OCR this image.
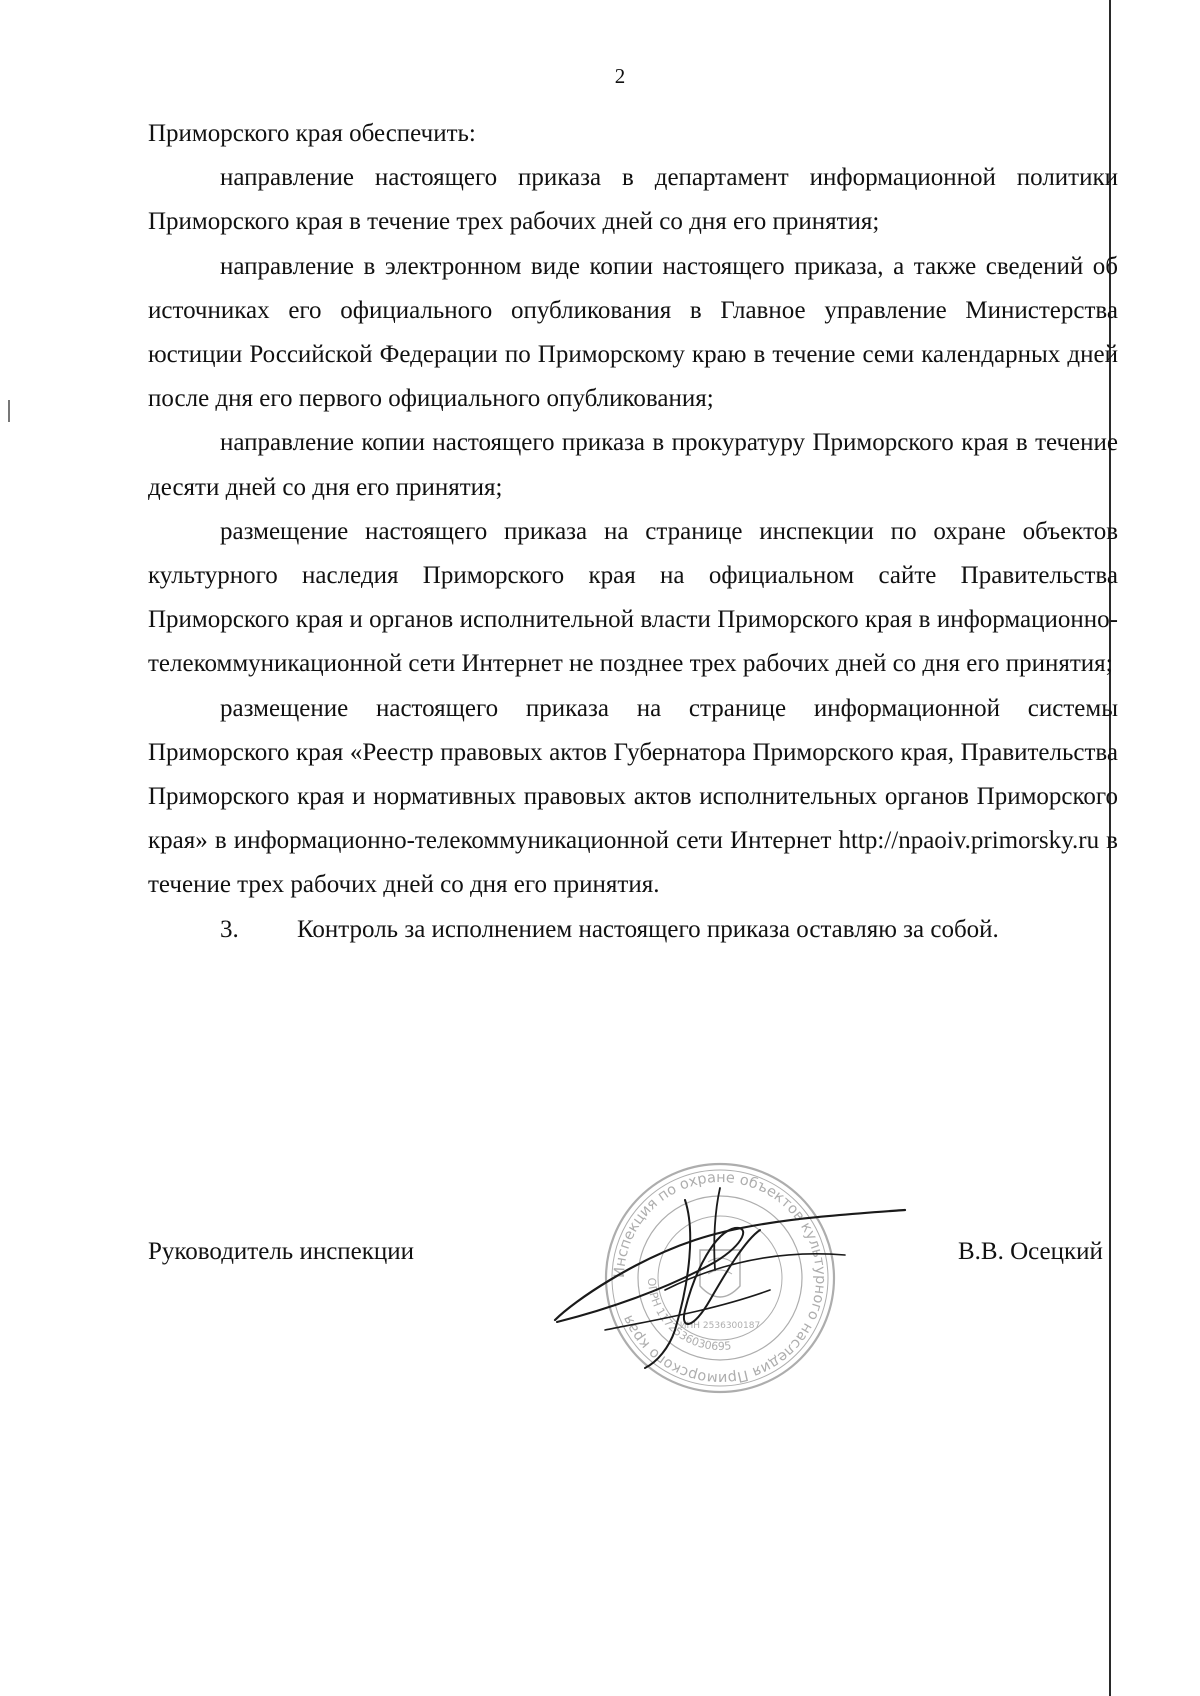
2

Приморского края обеспечить:

направление настоящего приказа в департамент информационной политики Приморского края в течение трех рабочих дней со дня его принятия;

направление в электронном виде копии настоящего приказа, а также сведений об источниках его официального опубликования в Главное управление Министерства юстиции Российской Федерации по Приморскому краю в течение семи календарных дней после дня его первого официального опубликования;

направление копии настоящего приказа в прокуратуру Приморского края в течение десяти дней со дня его принятия;

размещение настоящего приказа на странице инспекции по охране объектов культурного наследия Приморского края на официальном сайте Правительства Приморского края и органов исполнительной власти Приморского края в информационно-телекоммуникационной сети Интернет не позднее трех рабочих дней со дня его принятия;

размещение настоящего приказа на странице информационной системы Приморского края «Реестр правовых актов Губернатора Приморского края, Правительства Приморского края и нормативных правовых актов исполнительных органов Приморского края» в информационно-телекоммуникационной сети Интернет http://npaoiv.primorsky.ru в течение трех рабочих дней со дня его принятия.

3. Контроль за исполнением настоящего приказа оставляю за собой.

Руководитель инспекции
Инспекция по охране объектов культурного наследия Приморского края
ОГРН 1172536030695
ИНН 2536300187
В.В. Осецкий
